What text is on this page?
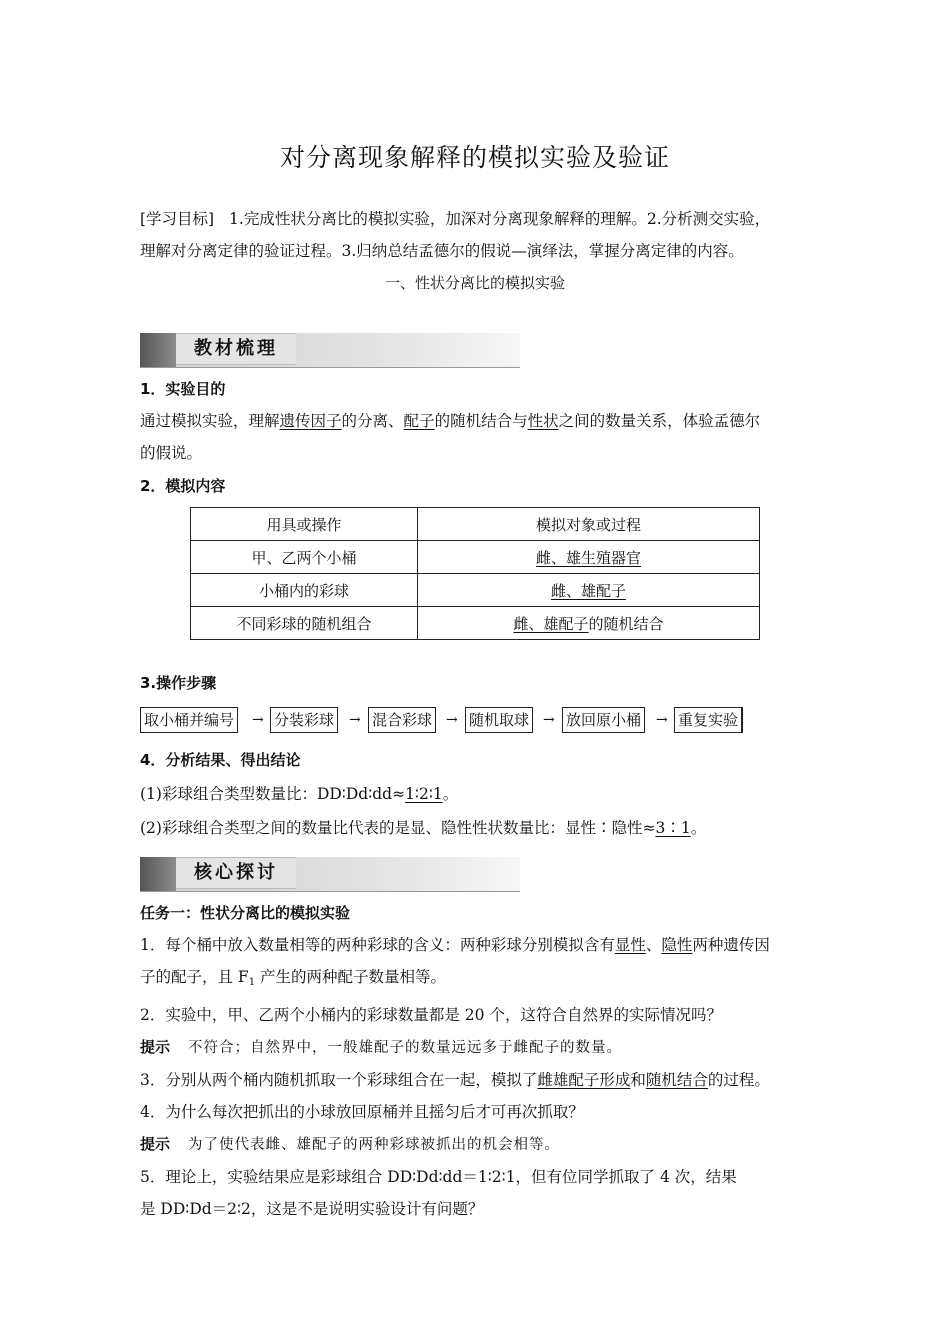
对分离现象解释的模拟实验及验证
[学习目标] 1.完成性状分离比的模拟实验，加深对分离现象解释的理解。2.分析测交实验，
理解对分离定律的验证过程。3.归纳总结孟德尔的假说—演绎法，掌握分离定律的内容。
一、性状分离比的模拟实验
教材梳理
1．实验目的
通过模拟实验，理解遗传因子的分离、配子的随机结合与性状之间的数量关系，体验孟德尔
的假说。
2．模拟内容
用具或操作	模拟对象或过程
甲、乙两个小桶	雌、雄生殖器官
小桶内的彩球	雌、雄配子
不同彩球的随机组合	雌、雄配子的随机结合
3.操作步骤
取小桶并编号 → 分装彩球 → 混合彩球 → 随机取球 → 放回原小桶 → 重复实验
4．分析结果、得出结论
(1)彩球组合类型数量比：DD∶Dd∶dd≈1∶2∶1。
(2)彩球组合类型之间的数量比代表的是显、隐性性状数量比：显性∶隐性≈3∶1。
核心探讨
任务一：性状分离比的模拟实验
1．每个桶中放入数量相等的两种彩球的含义：两种彩球分别模拟含有显性、隐性两种遗传因
子的配子，且 $F_1$ 产生的两种配子数量相等。
2．实验中，甲、乙两个小桶内的彩球数量都是 20 个，这符合自然界的实际情况吗？
提示 不符合；自然界中，一般雄配子的数量远远多于雌配子的数量。
3．分别从两个桶内随机抓取一个彩球组合在一起，模拟了雌雄配子形成和随机结合的过程。
4．为什么每次把抓出的小球放回原桶并且摇匀后才可再次抓取？
提示 为了使代表雌、雄配子的两种彩球被抓出的机会相等。
5．理论上，实验结果应是彩球组合 DD∶Dd∶dd＝1∶2∶1，但有位同学抓取了 4 次，结果
是 DD∶Dd＝2∶2，这是不是说明实验设计有问题？
